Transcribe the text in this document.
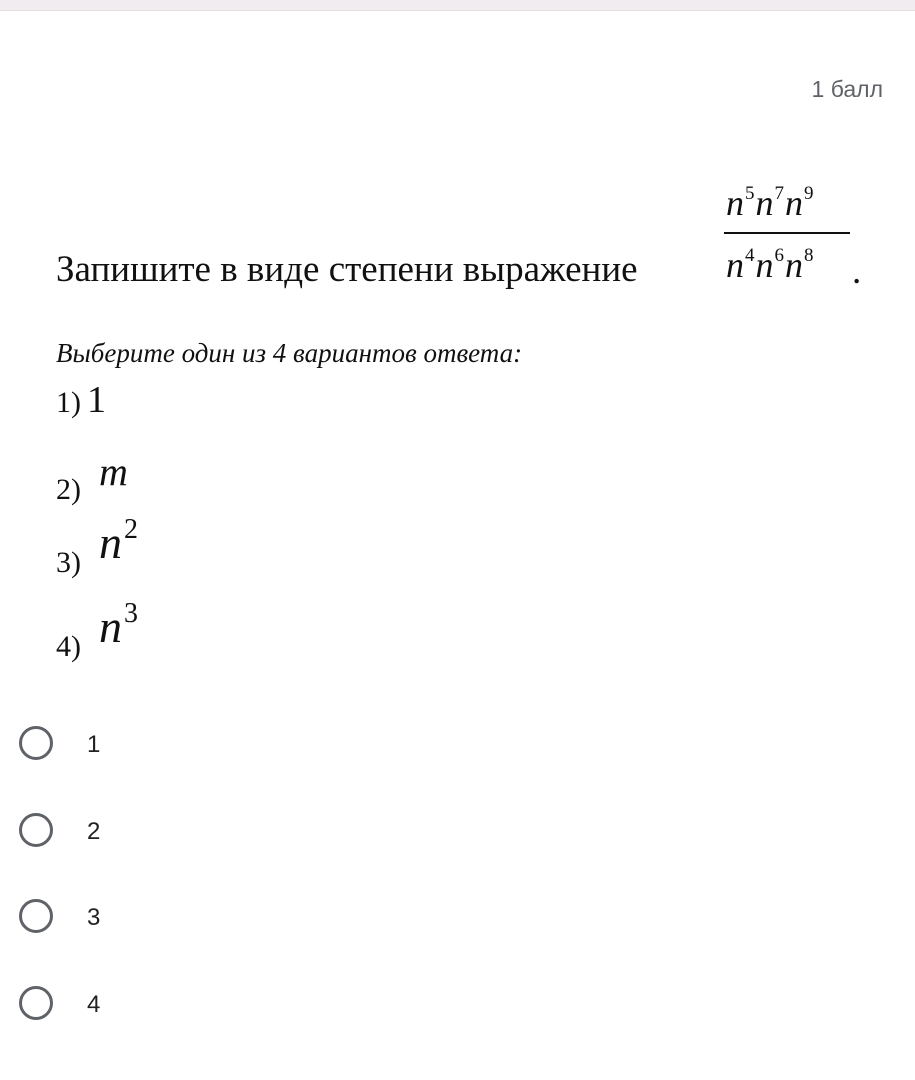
1 балл
Запишите в виде степени выражение
$n^5n^7n^9$
$n^4n^6n^8$ .
Выберите один из 4 вариантов ответа:
1) 1
2) m
3) $n^2$
4) $n^3$
1
2
3
4
